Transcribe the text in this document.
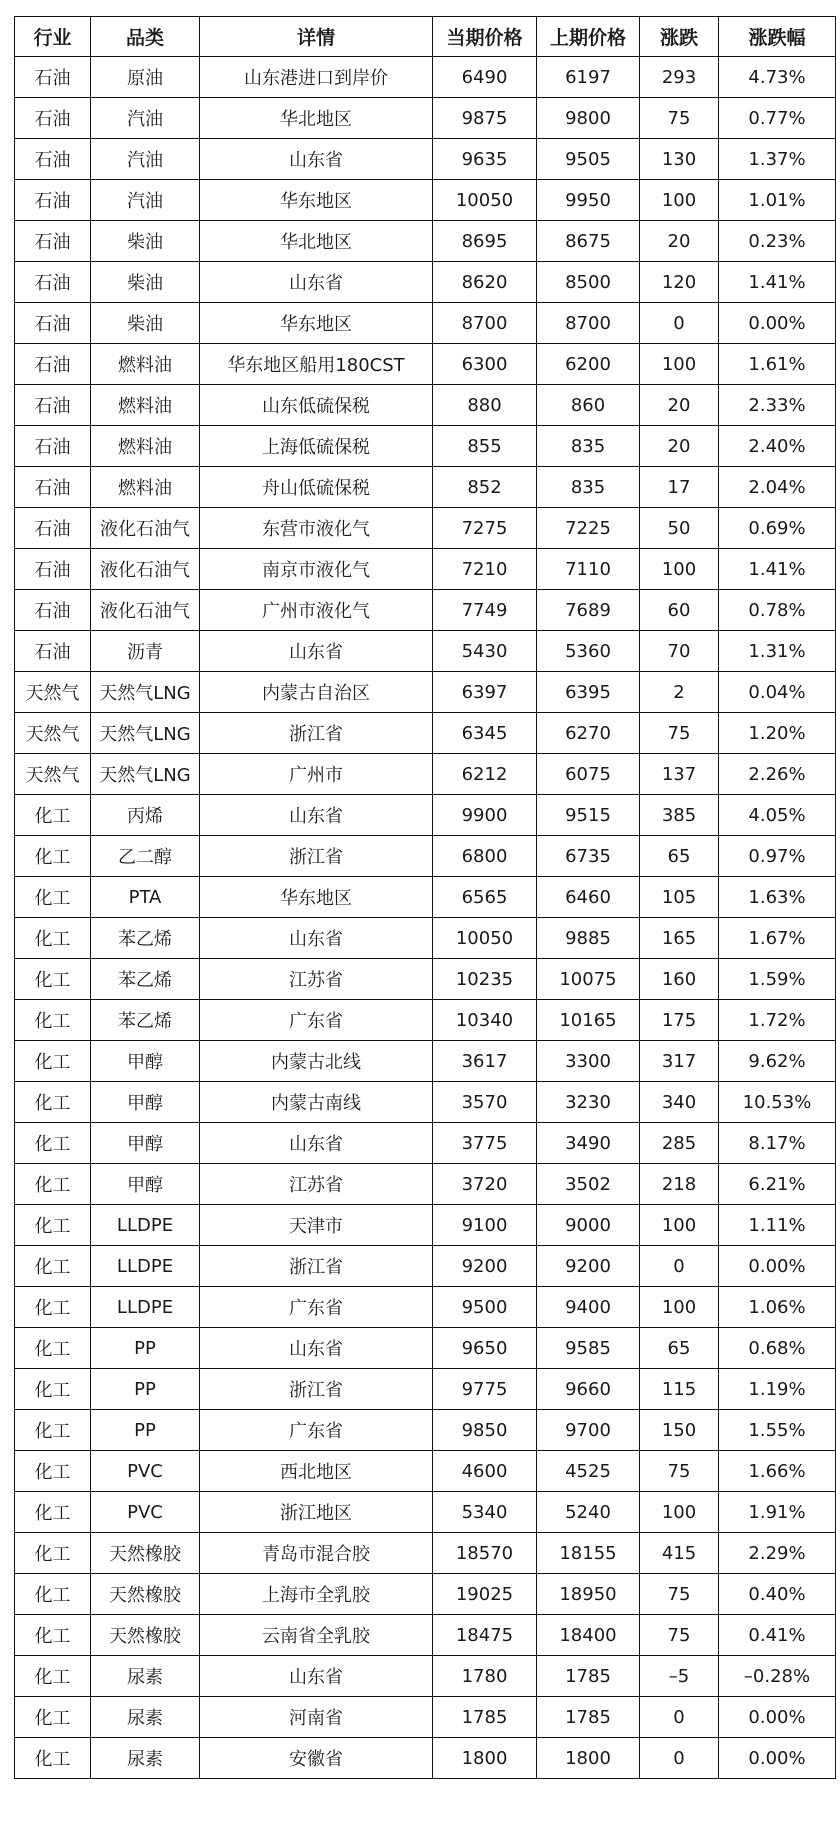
行业	品类	详情	当期价格	上期价格	涨跌	涨跌幅
石油	原油	山东港进口到岸价	6490	6197	293	4.73%
石油	汽油	华北地区	9875	9800	75	0.77%
石油	汽油	山东省	9635	9505	130	1.37%
石油	汽油	华东地区	10050	9950	100	1.01%
石油	柴油	华北地区	8695	8675	20	0.23%
石油	柴油	山东省	8620	8500	120	1.41%
石油	柴油	华东地区	8700	8700	0	0.00%
石油	燃料油	华东地区船用180CST	6300	6200	100	1.61%
石油	燃料油	山东低硫保税	880	860	20	2.33%
石油	燃料油	上海低硫保税	855	835	20	2.40%
石油	燃料油	舟山低硫保税	852	835	17	2.04%
石油	液化石油气	东营市液化气	7275	7225	50	0.69%
石油	液化石油气	南京市液化气	7210	7110	100	1.41%
石油	液化石油气	广州市液化气	7749	7689	60	0.78%
石油	沥青	山东省	5430	5360	70	1.31%
天然气	天然气LNG	内蒙古自治区	6397	6395	2	0.04%
天然气	天然气LNG	浙江省	6345	6270	75	1.20%
天然气	天然气LNG	广州市	6212	6075	137	2.26%
化工	丙烯	山东省	9900	9515	385	4.05%
化工	乙二醇	浙江省	6800	6735	65	0.97%
化工	PTA	华东地区	6565	6460	105	1.63%
化工	苯乙烯	山东省	10050	9885	165	1.67%
化工	苯乙烯	江苏省	10235	10075	160	1.59%
化工	苯乙烯	广东省	10340	10165	175	1.72%
化工	甲醇	内蒙古北线	3617	3300	317	9.62%
化工	甲醇	内蒙古南线	3570	3230	340	10.53%
化工	甲醇	山东省	3775	3490	285	8.17%
化工	甲醇	江苏省	3720	3502	218	6.21%
化工	LLDPE	天津市	9100	9000	100	1.11%
化工	LLDPE	浙江省	9200	9200	0	0.00%
化工	LLDPE	广东省	9500	9400	100	1.06%
化工	PP	山东省	9650	9585	65	0.68%
化工	PP	浙江省	9775	9660	115	1.19%
化工	PP	广东省	9850	9700	150	1.55%
化工	PVC	西北地区	4600	4525	75	1.66%
化工	PVC	浙江地区	5340	5240	100	1.91%
化工	天然橡胶	青岛市混合胶	18570	18155	415	2.29%
化工	天然橡胶	上海市全乳胶	19025	18950	75	0.40%
化工	天然橡胶	云南省全乳胶	18475	18400	75	0.41%
化工	尿素	山东省	1780	1785	–5	–0.28%
化工	尿素	河南省	1785	1785	0	0.00%
化工	尿素	安徽省	1800	1800	0	0.00%
